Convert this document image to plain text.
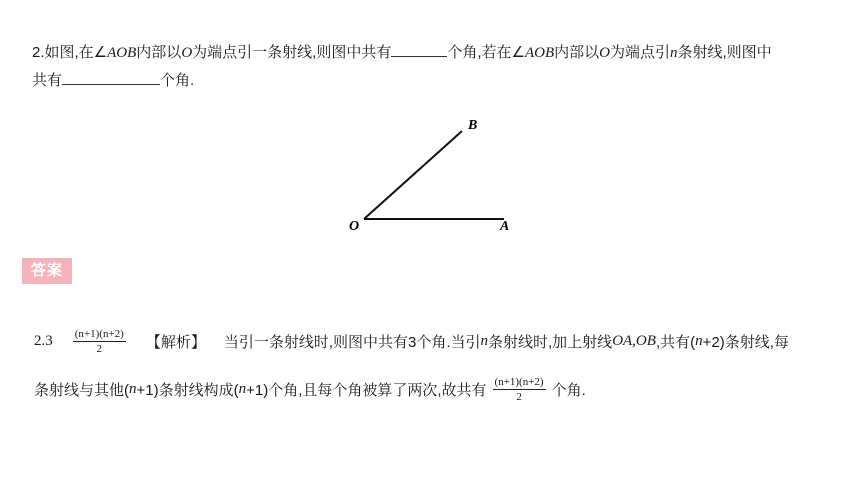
2.如图,在∠AOB内部以O为端点引一条射线,则图中共有	个角,若在∠AOB内部以O为端点引n条射线,则图中
共有	个角.
O	A
B
答案
$2.3 \frac{(n+1)(n+2)}{2}$ 【解析】 当引一条射线时,则图中共有3个角.当引 n 条射线时,加上射线 OA,OB ,共有( n +2)条射线,每
条射线与其他( n +1)条射线构成( n +1)个角,且每个角被算了两次,故共有 $\frac{(n+1)(n+2)}{2}$ 个角.
